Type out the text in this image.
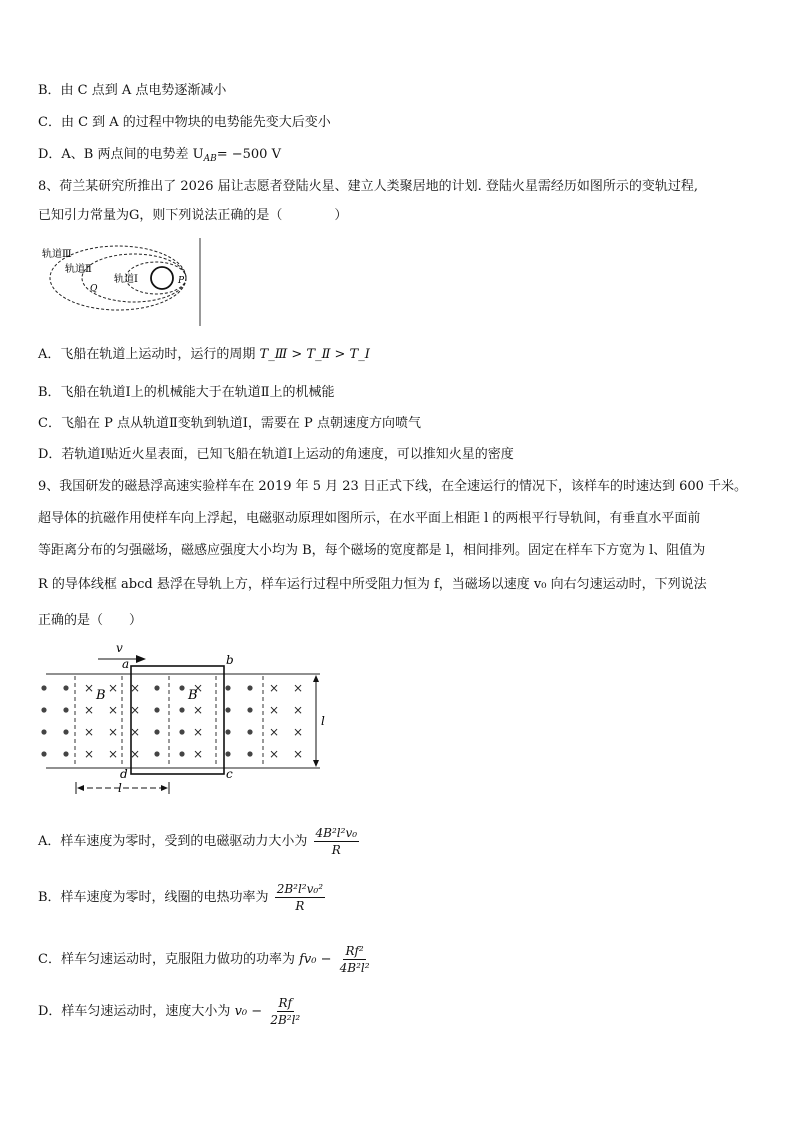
B．由 C 点到 A 点电势逐渐减小
C．由 C 到 A 的过程中物块的电势能先变大后变小
D．A、B 两点间的电势差 $U_{AB}= -500$ V
8、荷兰某研究所推出了 2026 届让志愿者登陆火星、建立人类聚居地的计划. 登陆火星需经历如图所示的变轨过程,
已知引力常量为G，则下列说法正确的是（　　　　）
轨道Ⅲ
轨道Ⅱ
轨道Ⅰ
Q
P
A．飞船在轨道上运动时，运行的周期 T_Ⅲ > T_Ⅱ > T_Ⅰ
B．飞船在轨道Ⅰ上的机械能大于在轨道Ⅱ上的机械能
C．飞船在 P 点从轨道Ⅱ变轨到轨道Ⅰ，需要在 P 点朝速度方向喷气
D．若轨道Ⅰ贴近火星表面，已知飞船在轨道Ⅰ上运动的角速度，可以推知火星的密度
9、我国研发的磁悬浮高速实验样车在 2019 年 5 月 23 日正式下线，在全速运行的情况下，该样车的时速达到 600 千米。
超导体的抗磁作用使样车向上浮起，电磁驱动原理如图所示，在水平面上相距 l 的两根平行导轨间，有垂直水平面前
等距离分布的匀强磁场，磁感应强度大小均为 B，每个磁场的宽度都是 l，相间排列。固定在样车下方宽为 l、阻值为
R 的导体线框 abcd 悬浮在导轨上方，样车运行过程中所受阻力恒为 f，当磁场以速度 v₀ 向右匀速运动时，下列说法
正确的是（　　）
× × ×	× ×
×
× × ×	× ×
×
× × ×	× ×
×
× × ×	× ×
×
v
a	b
c
d
B	B
l
l
A．样车速度为零时，受到的电磁驱动力大小为 $\frac{\text{4B²l²v₀}}{R}$
B．样车速度为零时，线圈的电热功率为 $\frac{\text{2B²l²v₀²}}{R}$
C．样车匀速运动时，克服阻力做功的功率为 $fv_0 - \frac{\text{Rf²}}{\text{4B²l²}}$
D．样车匀速运动时，速度大小为 $v_0 - \frac{Rf}{\text{2B²l²}}$
